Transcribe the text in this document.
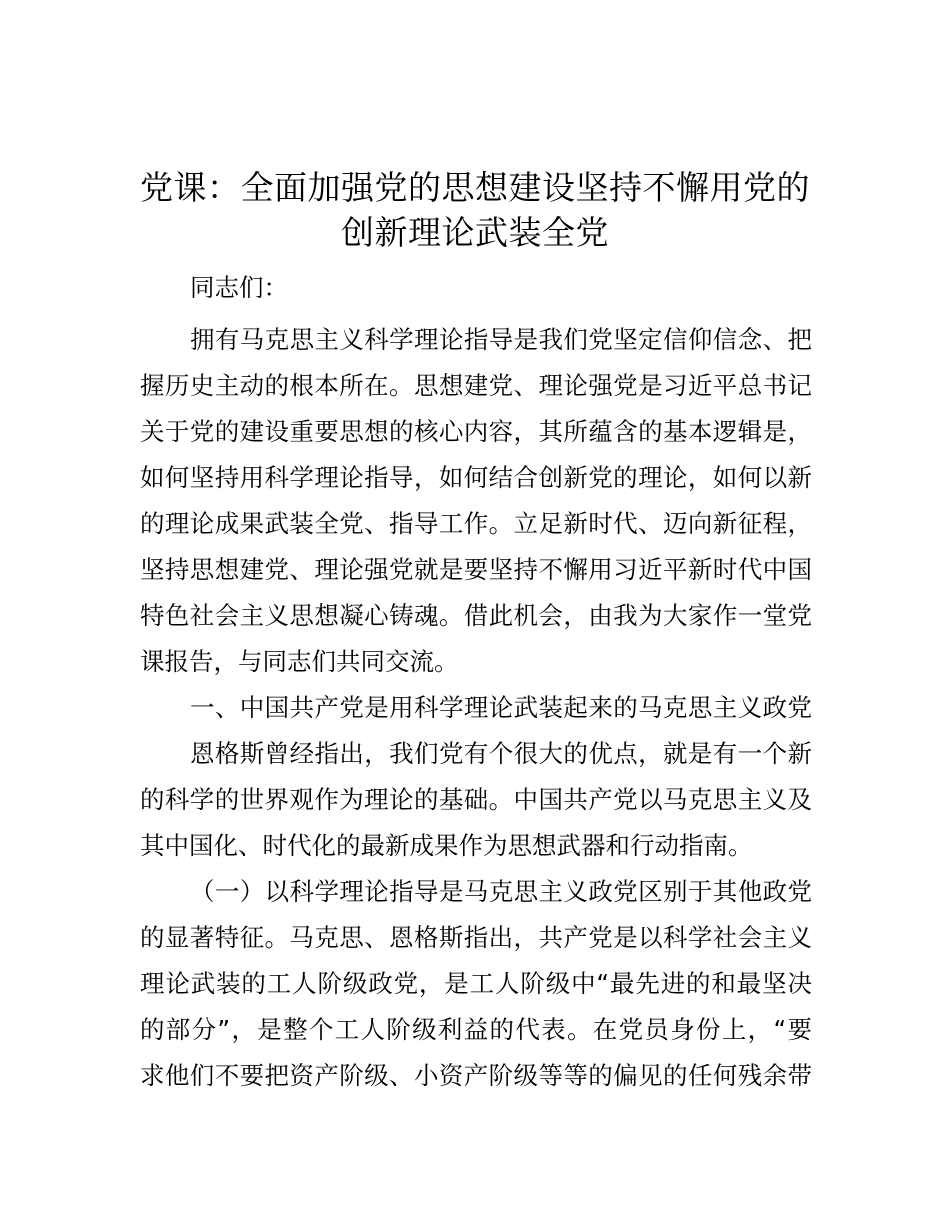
党课：全面加强党的思想建设坚持不懈用党的
创新理论武装全党
同志们：
拥有马克思主义科学理论指导是我们党坚定信仰信念、把
握历史主动的根本所在。思想建党、理论强党是习近平总书记
关于党的建设重要思想的核心内容，其所蕴含的基本逻辑是，
如何坚持用科学理论指导，如何结合创新党的理论，如何以新
的理论成果武装全党、指导工作。立足新时代、迈向新征程，
坚持思想建党、理论强党就是要坚持不懈用习近平新时代中国
特色社会主义思想凝心铸魂。借此机会，由我为大家作一堂党
课报告，与同志们共同交流。
一、中国共产党是用科学理论武装起来的马克思主义政党
恩格斯曾经指出，我们党有个很大的优点，就是有一个新
的科学的世界观作为理论的基础。中国共产党以马克思主义及
其中国化、时代化的最新成果作为思想武器和行动指南。
（一）以科学理论指导是马克思主义政党区别于其他政党
的显著特征。马克思、恩格斯指出，共产党是以科学社会主义
理论武装的工人阶级政党，是工人阶级中“最先进的和最坚决
的部分”，是整个工人阶级利益的代表。在党员身份上，“要
求他们不要把资产阶级、小资产阶级等等的偏见的任何残余带
